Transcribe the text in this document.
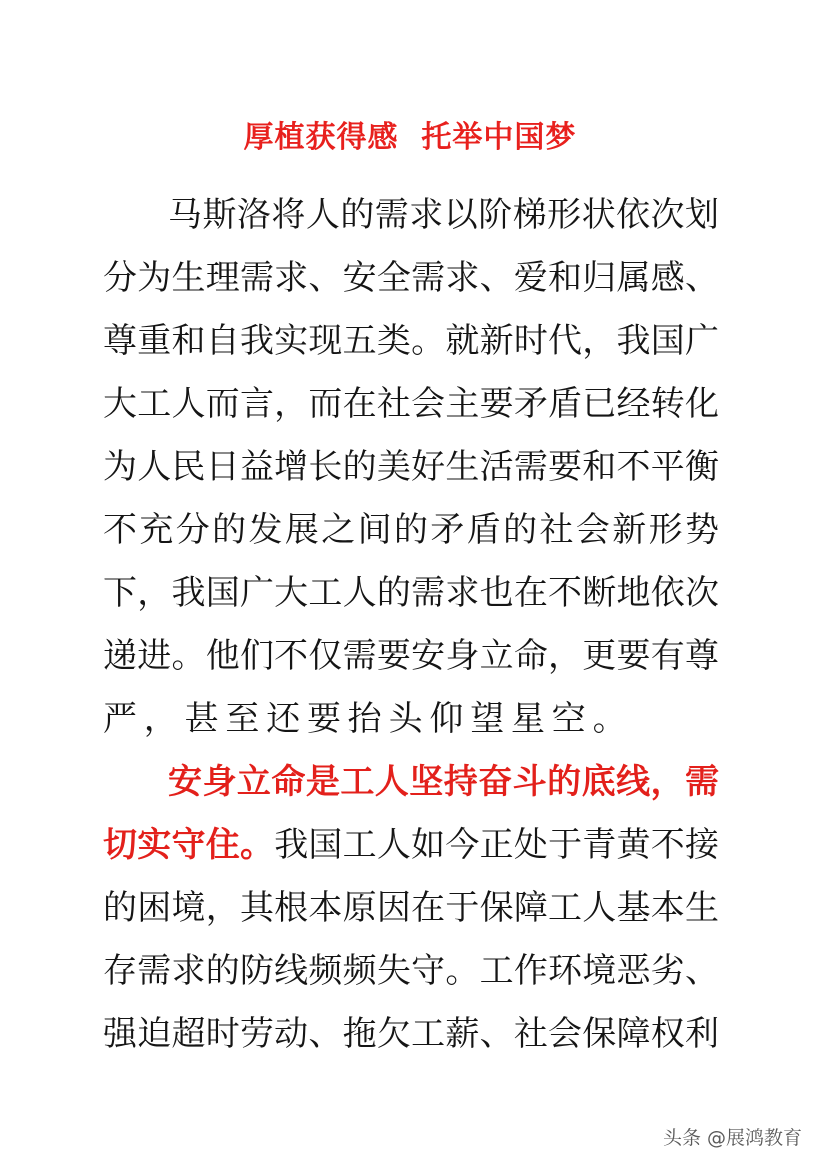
厚植获得感  托举中国梦
马斯洛将人的需求以阶梯形状依次划
分为生理需求、安全需求、爱和归属感、
尊重和自我实现五类。就新时代，我国广
大工人而言，而在社会主要矛盾已经转化
为人民日益增长的美好生活需要和不平衡
不充分的发展之间的矛盾的社会新形势
下，我国广大工人的需求也在不断地依次
递进。他们不仅需要安身立命，更要有尊
严，甚至还要抬头仰望星空。
安身立命是工人坚持奋斗的底线，需
切实守住。我国工人如今正处于青黄不接
的困境，其根本原因在于保障工人基本生
存需求的防线频频失守。工作环境恶劣、
强迫超时劳动、拖欠工薪、社会保障权利
头条 @展鸿教育
